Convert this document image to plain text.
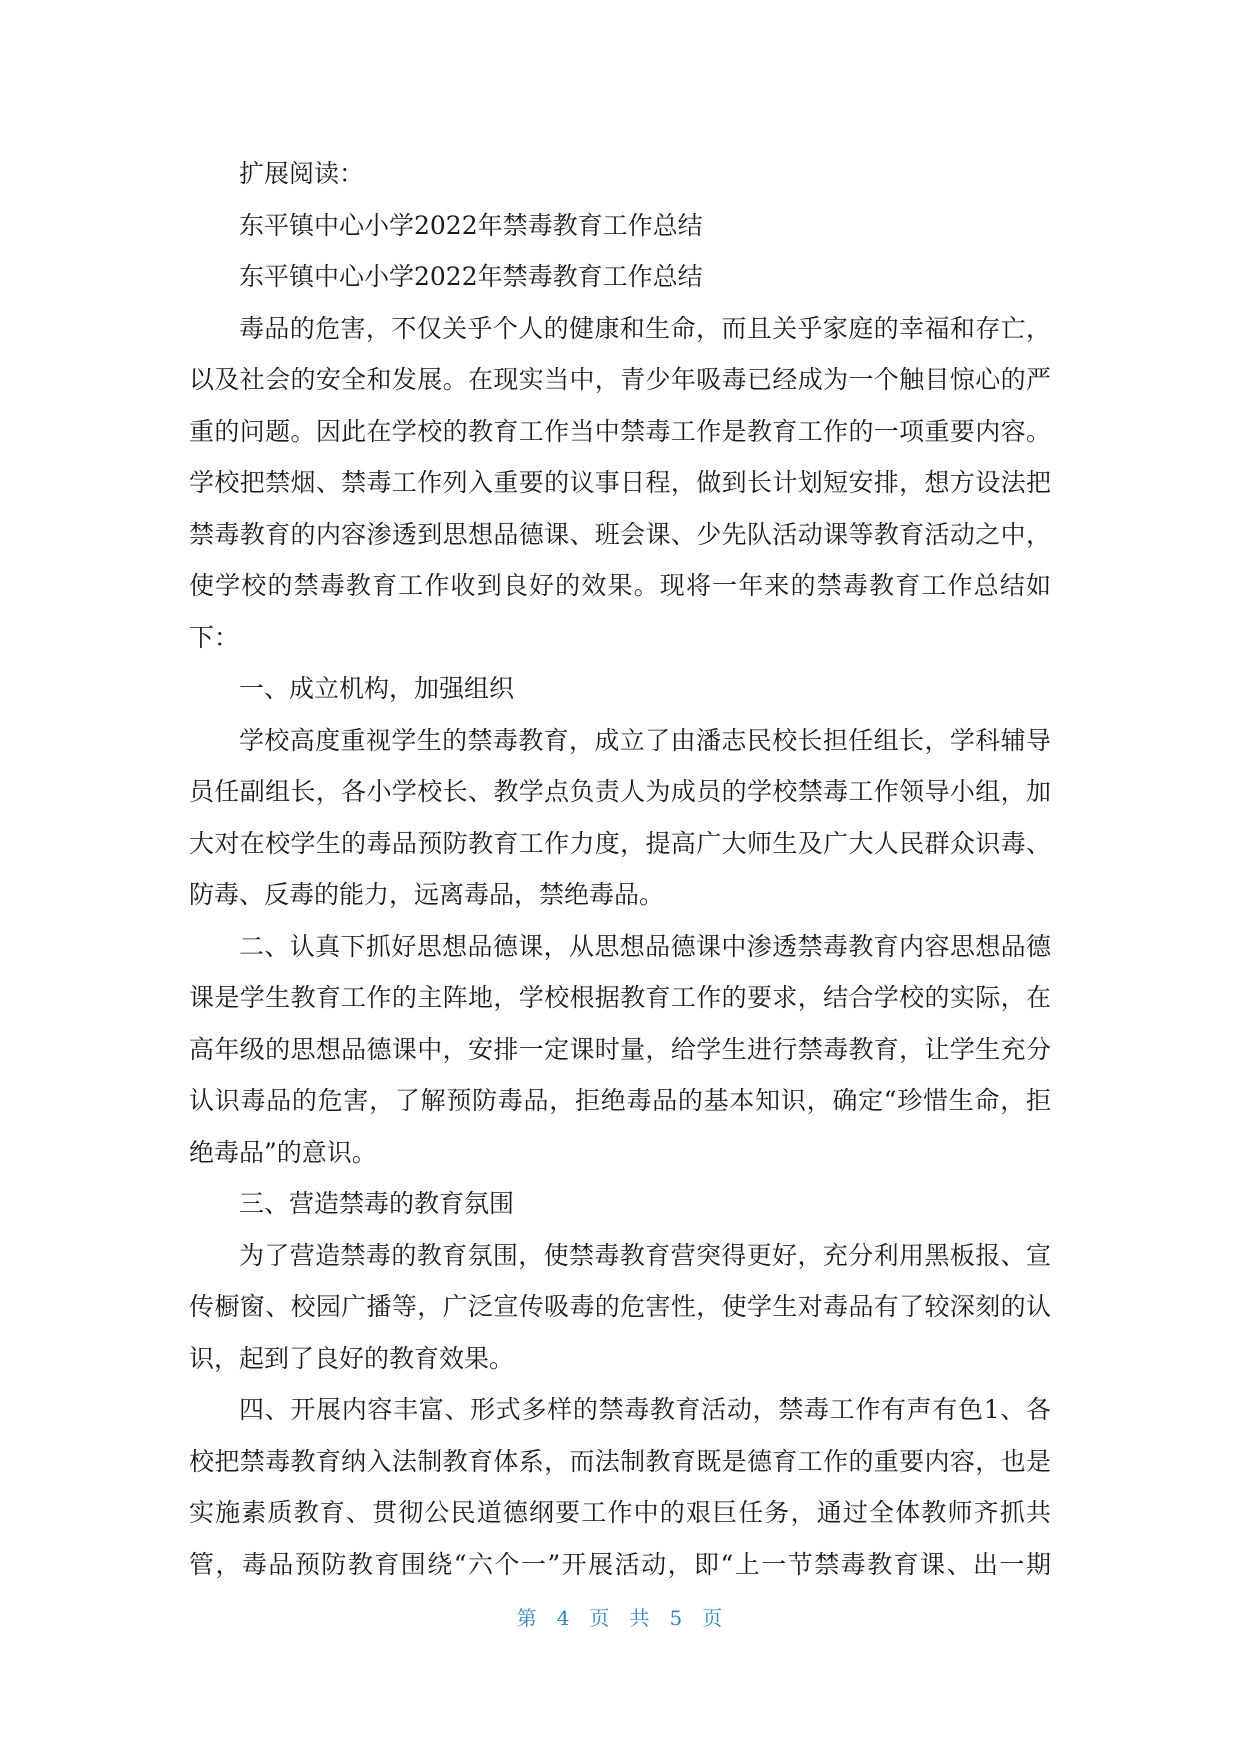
扩展阅读：
东平镇中心小学2022年禁毒教育工作总结
东平镇中心小学2022年禁毒教育工作总结
毒品的危害，不仅关乎个人的健康和生命，而且关乎家庭的幸福和存亡，
以及社会的安全和发展。在现实当中，青少年吸毒已经成为一个触目惊心的严
重的问题。因此在学校的教育工作当中禁毒工作是教育工作的一项重要内容。
学校把禁烟、禁毒工作列入重要的议事日程，做到长计划短安排，想方设法把
禁毒教育的内容渗透到思想品德课、班会课、少先队活动课等教育活动之中，
使学校的禁毒教育工作收到良好的效果。现将一年来的禁毒教育工作总结如
下：
一、成立机构，加强组织
学校高度重视学生的禁毒教育，成立了由潘志民校长担任组长，学科辅导
员任副组长，各小学校长、教学点负责人为成员的学校禁毒工作领导小组，加
大对在校学生的毒品预防教育工作力度，提高广大师生及广大人民群众识毒、
防毒、反毒的能力，远离毒品，禁绝毒品。
二、认真下抓好思想品德课，从思想品德课中渗透禁毒教育内容思想品德
课是学生教育工作的主阵地，学校根据教育工作的要求，结合学校的实际，在
高年级的思想品德课中，安排一定课时量，给学生进行禁毒教育，让学生充分
认识毒品的危害，了解预防毒品，拒绝毒品的基本知识，确定“珍惜生命，拒
绝毒品”的意识。
三、营造禁毒的教育氛围
为了营造禁毒的教育氛围，使禁毒教育营突得更好，充分利用黑板报、宣
传橱窗、校园广播等，广泛宣传吸毒的危害性，使学生对毒品有了较深刻的认
识，起到了良好的教育效果。
四、开展内容丰富、形式多样的禁毒教育活动，禁毒工作有声有色1、各
校把禁毒教育纳入法制教育体系，而法制教育既是德育工作的重要内容，也是
实施素质教育、贯彻公民道德纲要工作中的艰巨任务，通过全体教师齐抓共
管，毒品预防教育围绕“六个一”开展活动，即“上一节禁毒教育课、出一期
第 4 页 共 5 页
